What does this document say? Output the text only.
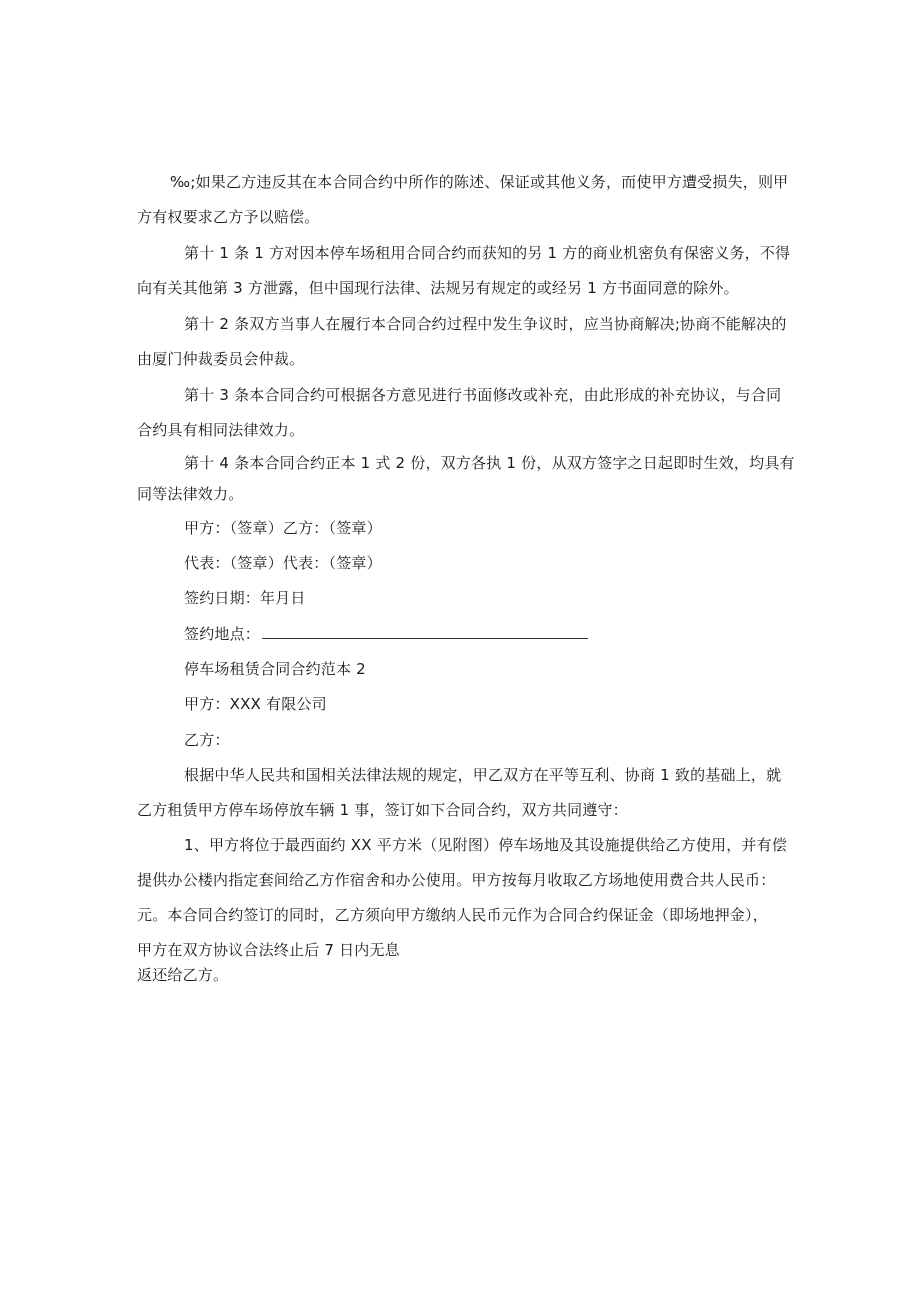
‰;如果乙方违反其在本合同合约中所作的陈述、保证或其他义务，而使甲方遭受损失，则甲
方有权要求乙方予以赔偿。
第十 1 条 1 方对因本停车场租用合同合约而获知的另 1 方的商业机密负有保密义务，不得
向有关其他第 3 方泄露，但中国现行法律、法规另有规定的或经另 1 方书面同意的除外。
第十 2 条双方当事人在履行本合同合约过程中发生争议时，应当协商解决;协商不能解决的
由厦门仲裁委员会仲裁。
第十 3 条本合同合约可根据各方意见进行书面修改或补充，由此形成的补充协议，与合同
合约具有相同法律效力。
第十 4 条本合同合约正本 1 式 2 份，双方各执 1 份，从双方签字之日起即时生效，均具有
同等法律效力。
甲方：（签章）乙方：（签章）
代表：（签章）代表：（签章）
签约日期：年月日
签约地点：
停车场租赁合同合约范本 2
甲方：XXX 有限公司
乙方：
根据中华人民共和国相关法律法规的规定，甲乙双方在平等互利、协商 1 致的基础上，就
乙方租赁甲方停车场停放车辆 1 事，签订如下合同合约，双方共同遵守：
1、甲方将位于最西面约 XX 平方米（见附图）停车场地及其设施提供给乙方使用，并有偿
提供办公楼内指定套间给乙方作宿舍和办公使用。甲方按每月收取乙方场地使用费合共人民币：
元。本合同合约签订的同时，乙方须向甲方缴纳人民币元作为合同合约保证金（即场地押金），
甲方在双方协议合法终止后 7 日内无息
返还给乙方。
